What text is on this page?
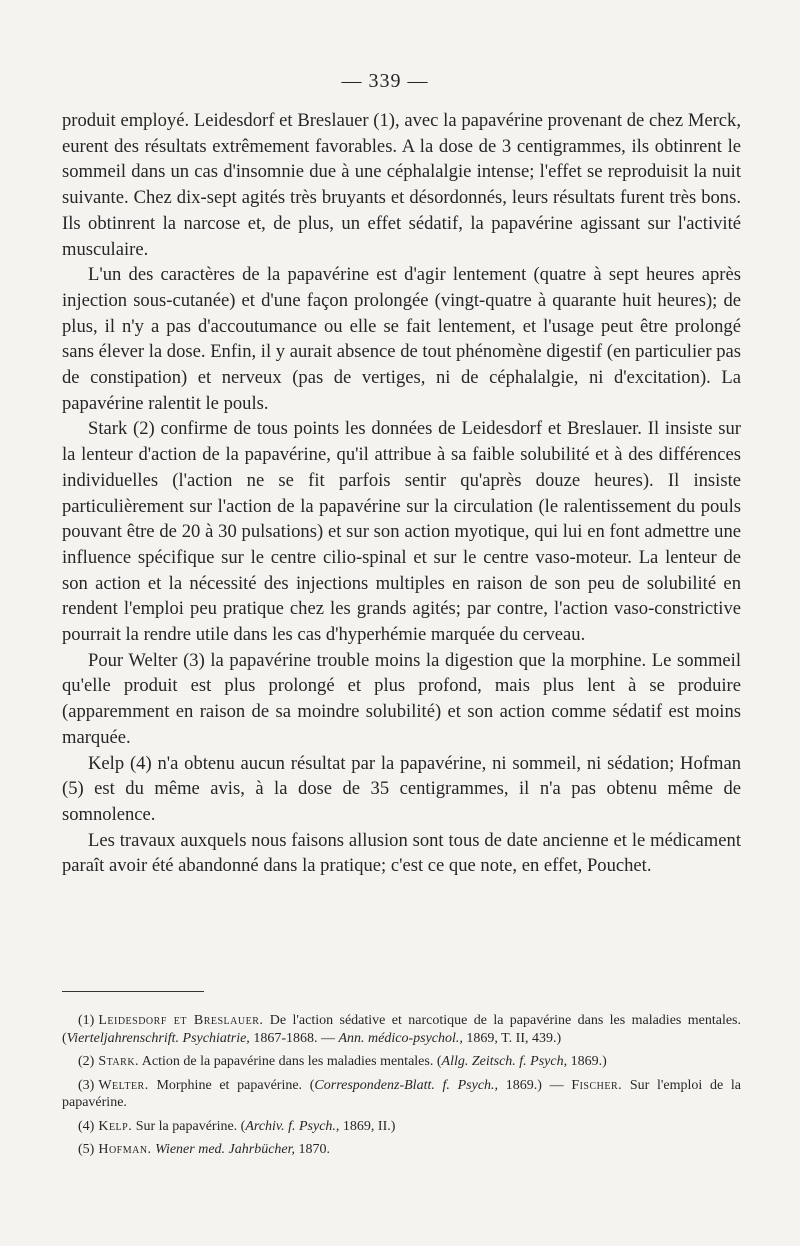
— 339 —

produit employé. Leidesdorf et Breslauer (1), avec la papavérine provenant de chez Merck, eurent des résultats extrêmement favorables. A la dose de 3 centigrammes, ils obtinrent le sommeil dans un cas d'insomnie due à une céphalalgie intense; l'effet se reproduisit la nuit suivante. Chez dix-sept agités très bruyants et désordonnés, leurs résultats furent très bons. Ils obtinrent la narcose et, de plus, un effet sédatif, la papavérine agissant sur l'activité musculaire.

L'un des caractères de la papavérine est d'agir lentement (quatre à sept heures après injection sous-cutanée) et d'une façon prolongée (vingt-quatre à quarante huit heures); de plus, il n'y a pas d'accoutumance ou elle se fait lentement, et l'usage peut être prolongé sans élever la dose. Enfin, il y aurait absence de tout phénomène digestif (en particulier pas de constipation) et nerveux (pas de vertiges, ni de céphalalgie, ni d'excitation). La papavérine ralentit le pouls.

Stark (2) confirme de tous points les données de Leidesdorf et Breslauer. Il insiste sur la lenteur d'action de la papavérine, qu'il attribue à sa faible solubilité et à des différences individuelles (l'action ne se fit parfois sentir qu'après douze heures). Il insiste particulièrement sur l'action de la papavérine sur la circulation (le ralentissement du pouls pouvant être de 20 à 30 pulsations) et sur son action myotique, qui lui en font admettre une influence spécifique sur le centre cilio-spinal et sur le centre vaso-moteur. La lenteur de son action et la nécessité des injections multiples en raison de son peu de solubilité en rendent l'emploi peu pratique chez les grands agités; par contre, l'action vaso-constrictive pourrait la rendre utile dans les cas d'hyperhémie marquée du cerveau.

Pour Welter (3) la papavérine trouble moins la digestion que la morphine. Le sommeil qu'elle produit est plus prolongé et plus profond, mais plus lent à se produire (apparemment en raison de sa moindre solubilité) et son action comme sédatif est moins marquée.

Kelp (4) n'a obtenu aucun résultat par la papavérine, ni sommeil, ni sédation; Hofman (5) est du même avis, à la dose de 35 centigrammes, il n'a pas obtenu même de somnolence.

Les travaux auxquels nous faisons allusion sont tous de date ancienne et le médicament paraît avoir été abandonné dans la pratique; c'est ce que note, en effet, Pouchet.

(1) Leidesdorf et Breslauer. De l'action sédative et narcotique de la papavérine dans les maladies mentales. (Vierteljahrenschrift. Psychiatrie, 1867-1868. — Ann. médico-psychol., 1869, T. II, 439.)

(2) Stark. Action de la papavérine dans les maladies mentales. (Allg. Zeitsch. f. Psych, 1869.)

(3) Welter. Morphine et papavérine. (Correspondenz-Blatt. f. Psych., 1869.) — Fischer. Sur l'emploi de la papavérine.

(4) Kelp. Sur la papavérine. (Archiv. f. Psych., 1869, II.)

(5) Hofman. Wiener med. Jahrbücher, 1870.
